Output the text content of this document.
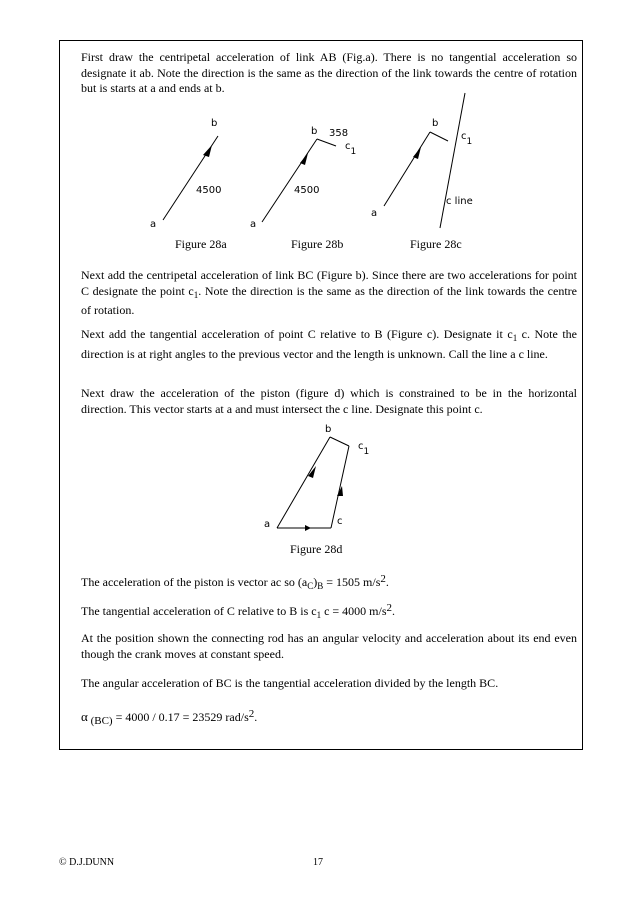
First draw the centripetal acceleration of link AB (Fig.a). There is no tangential acceleration so designate it ab. Note the direction is the same as the direction of the link towards the centre of rotation but is starts at a and ends at b.

b
4500
a
b 358
c1
4500
a
b
c1
c line
a
Figure 28a	Figure 28b	Figure 28c

Next add the centripetal acceleration of link BC (Figure b). Since there are two accelerations for point C designate the point $c_1$. Note the direction is the same as the direction of the link towards the centre of rotation.

Next add the tangential acceleration of point C relative to B (Figure c). Designate it $c_1$ c. Note the direction is at right angles to the previous vector and the length is unknown. Call the line a c line.

Next draw the acceleration of the piston (figure d) which is constrained to be in the horizontal direction. This vector starts at a and must intersect the c line. Designate this point c.

b
c1
c
a
Figure 28d

The acceleration of the piston is vector ac so $(a_C)_B = 1505$ m/s2.

The tangential acceleration of C relative to B is $c_1$ c = 4000 m/s2.

At the position shown the connecting rod has an angular velocity and acceleration about its end even though the crank moves at constant speed.

The angular acceleration of BC is the tangential acceleration divided by the length BC.

α (BC) = 4000 / 0.17 = 23529 rad/s2.

© D.J.DUNN	17
